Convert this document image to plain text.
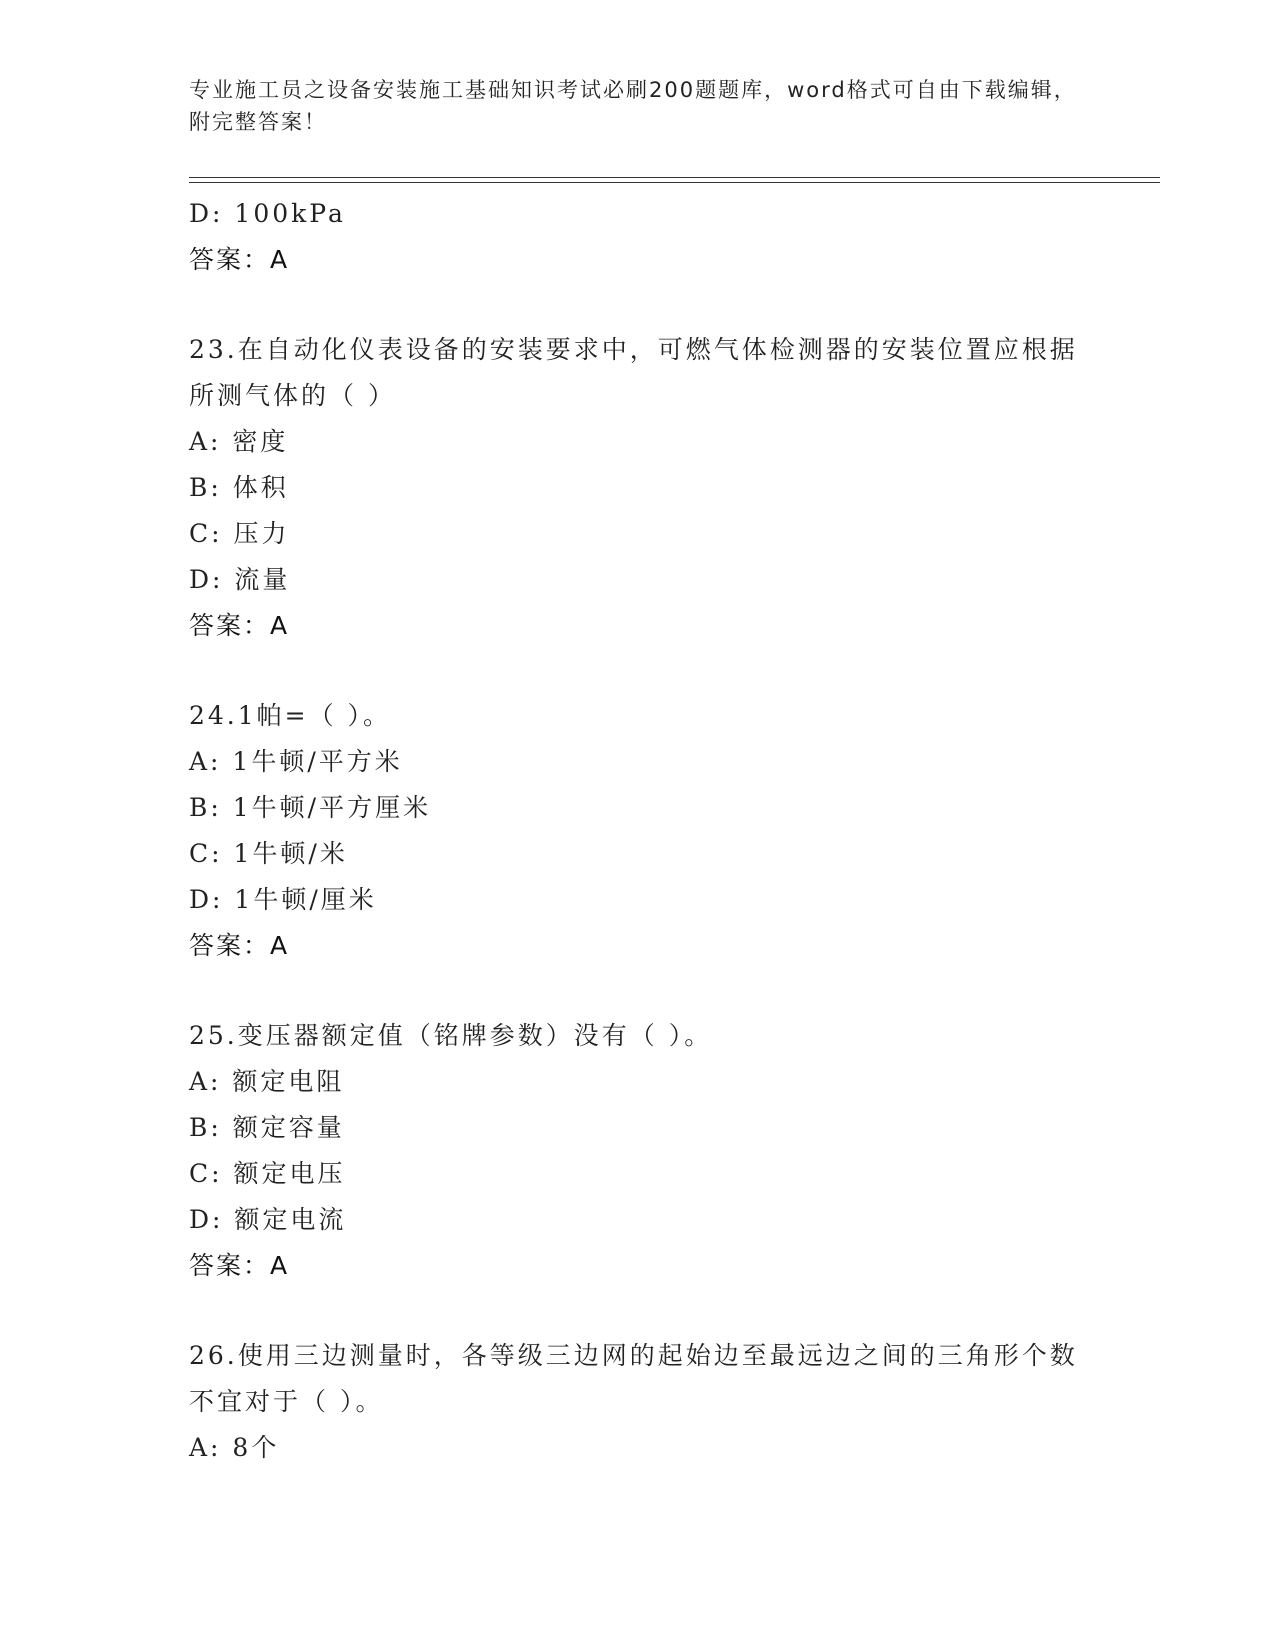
专业施工员之设备安装施工基础知识考试必刷200题题库，word格式可自由下载编辑，附完整答案！
D: 100kPa
答案：A
23.在自动化仪表设备的安装要求中，可燃气体检测器的安装位置应根据所测气体的（ ）
A: 密度
B: 体积
C: 压力
D: 流量
答案：A
24.1帕=（ ）。
A: 1牛顿/平方米
B: 1牛顿/平方厘米
C: 1牛顿/米
D: 1牛顿/厘米
答案：A
25.变压器额定值（铭牌参数）没有（ ）。
A: 额定电阻
B: 额定容量
C: 额定电压
D: 额定电流
答案：A
26.使用三边测量时，各等级三边网的起始边至最远边之间的三角形个数不宜对于（ ）。
A: 8个
